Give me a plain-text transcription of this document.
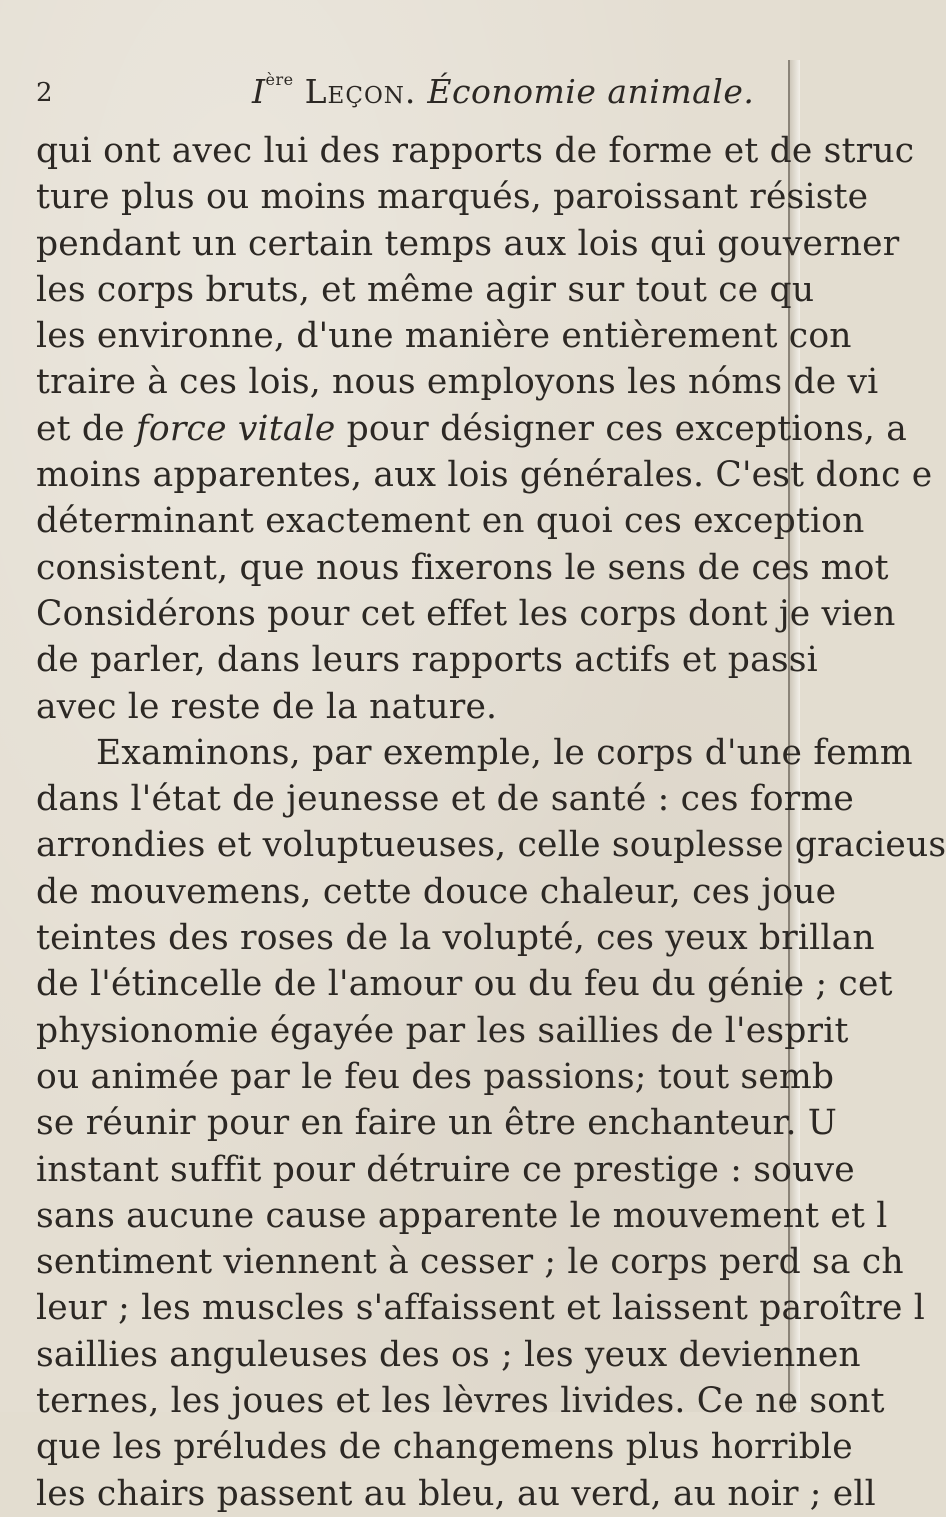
2	Ière Leçon. Économie animale.
qui ont avec lui des rapports de forme et de struc
ture plus ou moins marqués, paroissant résiste
pendant un certain temps aux lois qui gouverner
les corps bruts, et même agir sur tout ce qu
les environne, d'une manière entièrement con
traire à ces lois, nous employons les nóms de vi
et de force vitale pour désigner ces exceptions, a
moins apparentes, aux lois générales. C'est donc e
déterminant exactement en quoi ces exception
consistent, que nous fixerons le sens de ces mot
Considérons pour cet effet les corps dont je vien
de parler, dans leurs rapports actifs et passi
avec le reste de la nature.
Examinons, par exemple, le corps d'une femm
dans l'état de jeunesse et de santé : ces forme
arrondies et voluptueuses, celle souplesse gracieus
de mouvemens, cette douce chaleur, ces joue
teintes des roses de la volupté, ces yeux brillan
de l'étincelle de l'amour ou du feu du génie ; cet
physionomie égayée par les saillies de l'esprit
ou animée par le feu des passions; tout semb
se réunir pour en faire un être enchanteur. U
instant suffit pour détruire ce prestige : souve
sans aucune cause apparente le mouvement et l
sentiment viennent à cesser ; le corps perd sa ch
leur ; les muscles s'affaissent et laissent paroître l
saillies anguleuses des os ; les yeux deviennen
ternes, les joues et les lèvres livides. Ce ne sont
que les préludes de changemens plus horrible
les chairs passent au bleu, au verd, au noir ; ell
